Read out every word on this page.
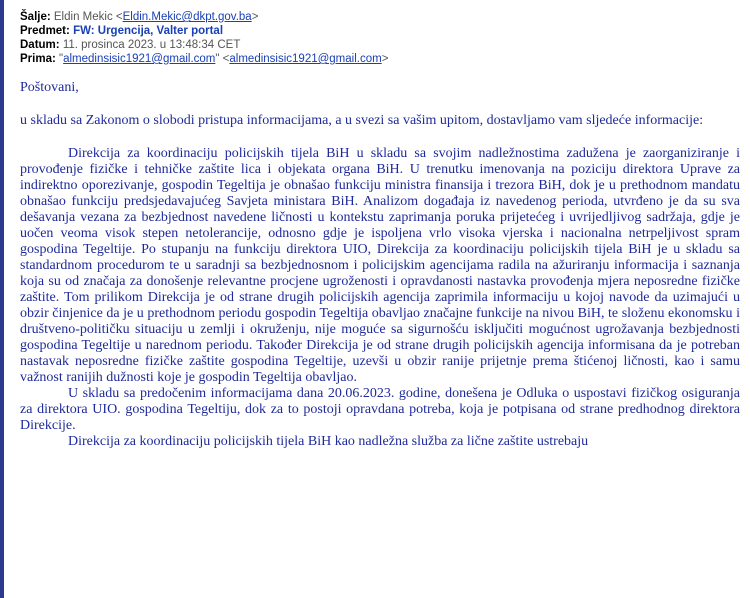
Šalje: Eldin Mekic <Eldin.Mekic@dkpt.gov.ba>
Predmet: FW: Urgencija, Valter portal
Datum: 11. prosinca 2023. u 13:48:34 CET
Prima: "almedinsisic1921@gmail.com" <almedinsisic1921@gmail.com>

Poštovani,

u skladu sa Zakonom o slobodi pristupa informacijama, a u svezi sa vašim upitom, dostavljamo vam sljedeće informacije:

Direkcija za koordinaciju policijskih tijela BiH u skladu sa svojim nadležnostima zadužena je zaorganiziranje i provođenje fizičke i tehničke zaštite lica i objekata organa BiH. U trenutku imenovanja na poziciju direktora Uprave za indirektno oporezivanje, gospodin Tegeltija je obnašao funkciju ministra finansija i trezora BiH, dok je u prethodnom mandatu obnašao funkciju predsjedavajućeg Savjeta ministara BiH. Analizom događaja iz navedenog perioda, utvrđeno je da su sva dešavanja vezana za bezbjednost navedene ličnosti u kontekstu zaprimanja poruka prijetećeg i uvrijedljivog sadržaja, gdje je uočen veoma visok stepen netolerancije, odnosno gdje je ispoljena vrlo visoka vjerska i nacionalna netrpeljivost spram gospodina Tegeltije. Po stupanju na funkciju direktora UIO, Direkcija za koordinaciju policijskih tijela BiH je u skladu sa standardnom procedurom te u saradnji sa bezbjednosnom i policijskim agencijama radila na ažuriranju informacija i saznanja koja su od značaja za donošenje relevantne procjene ugroženosti i opravdanosti nastavka provođenja mjera neposredne fizičke zaštite. Tom prilikom Direkcija je od strane drugih policijskih agencija zaprimila informaciju u kojoj navode da uzimajući u obzir činjenice da je u prethodnom periodu gospodin Tegeltija obavljao značajne funkcije na nivou BiH, te složenu ekonomsku i društveno-političku situaciju u zemlji i okruženju, nije moguće sa sigurnošću isključiti mogućnost ugrožavanja bezbjednosti gospodina Tegeltije u narednom periodu. Također Direkcija je od strane drugih policijskih agencija informisana da je potreban nastavak neposredne fizičke zaštite gospodina Tegeltije, uzevši u obzir ranije prijetnje prema štićenoj ličnosti, kao i samu važnost ranijih dužnosti koje je gospodin Tegeltija obavljao.

U skladu sa predočenim informacijama dana 20.06.2023. godine, donešena je Odluka o uspostavi fizičkog osiguranja za direktora UIO. gospodina Tegeltiju, dok za to postoji opravdana potreba, koja je potpisana od strane predhodnog direktora Direkcije.

Direkcija za koordinaciju policijskih tijela BiH kao nadležna služba za lične zaštite ustrebaju
